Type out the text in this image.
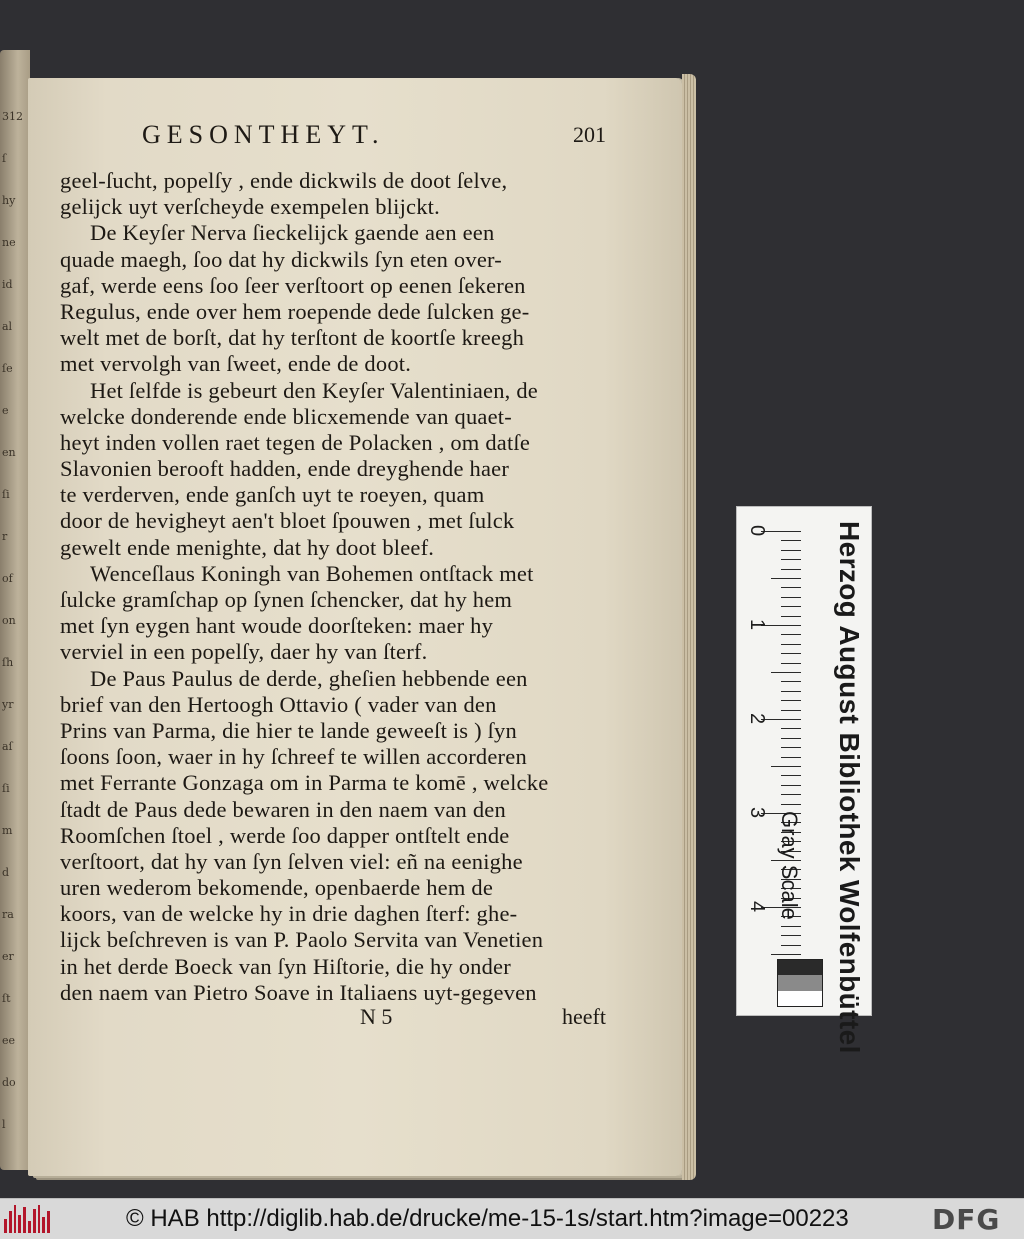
312
ſ
hy
ne
id
al
ſe
e
en
ſi
r
of
on
ſh
yr
aſ
ſi
m
d
ra
er
ſt
ee
do
l
GESONTHEYT.	201
geel-ſucht, popelſy , ende dickwils de doot ſelve,
gelijck uyt verſcheyde exempelen blijckt.
De Keyſer Nerva ſieckelijck gaende aen een
quade maegh, ſoo dat hy dickwils ſyn eten over-
gaf, werde eens ſoo ſeer verſtoort op eenen ſekeren
Regulus, ende over hem roepende dede ſulcken ge-
welt met de borſt, dat hy terſtont de koortſe kreegh
met vervolgh van ſweet, ende de doot.
Het ſelfde is gebeurt den Keyſer Valentiniaen, de
welcke donderende ende blicxemende van quaet-
heyt inden vollen raet tegen de Polacken , om datſe
Slavonien berooft hadden, ende dreyghende haer
te verderven, ende ganſch uyt te roeyen, quam
door de hevigheyt aen't bloet ſpouwen , met ſulck
gewelt ende menighte, dat hy doot bleef.
Wenceſlaus Koningh van Bohemen ontſtack met
ſulcke gramſchap op ſynen ſchencker, dat hy hem
met ſyn eygen hant woude doorſteken: maer hy
verviel in een popelſy, daer hy van ſterf.
De Paus Paulus de derde, gheſien hebbende een
brief van den Hertoogh Ottavio ( vader van den
Prins van Parma, die hier te lande geweeſt is ) ſyn
ſoons ſoon, waer in hy ſchreef te willen accorderen
met Ferrante Gonzaga om in Parma te komē , welcke
ſtadt de Paus dede bewaren in den naem van den
Roomſchen ſtoel , werde ſoo dapper ontſtelt ende
verſtoort, dat hy van ſyn ſelven viel: eñ na eenighe
uren wederom bekomende, openbaerde hem de
koors, van de welcke hy in drie daghen ſterf: ghe-
lijck beſchreven is van P. Paolo Servita van Venetien
in het derde Boeck van ſyn Hiſtorie, die hy onder
den naem van Pietro Soave in Italiaens uyt-gegeven
N 5	heeft
0
1
2
3
4 Herzog August Bibliothek Wolfenbüttel
Gray Scale
© HAB http://diglib.hab.de/drucke/me-15-1s/start.htm?image=00223	DFG
